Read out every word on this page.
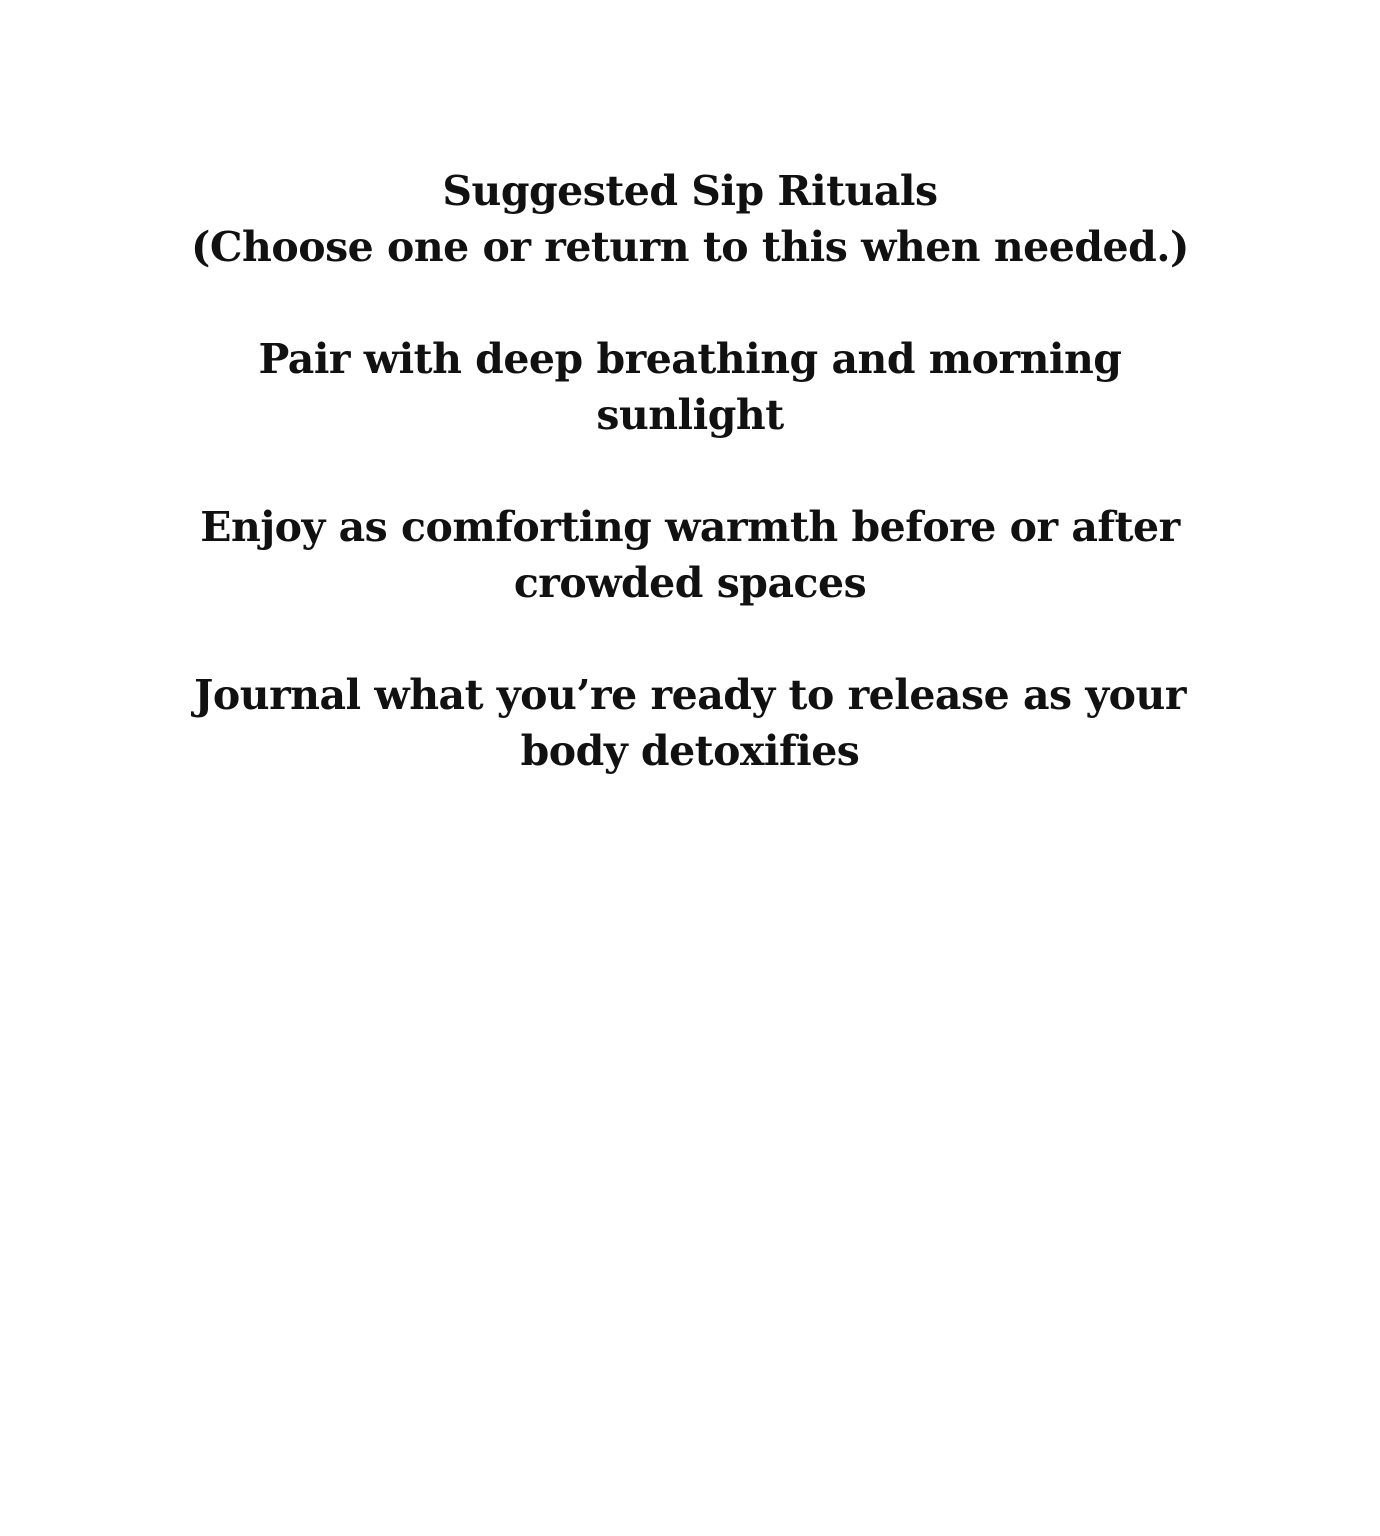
Suggested Sip Rituals
(Choose one or return to this when needed.)
Pair with deep breathing and morning sunlight
Enjoy as comforting warmth before or after crowded spaces
Journal what you’re ready to release as your body detoxifies
